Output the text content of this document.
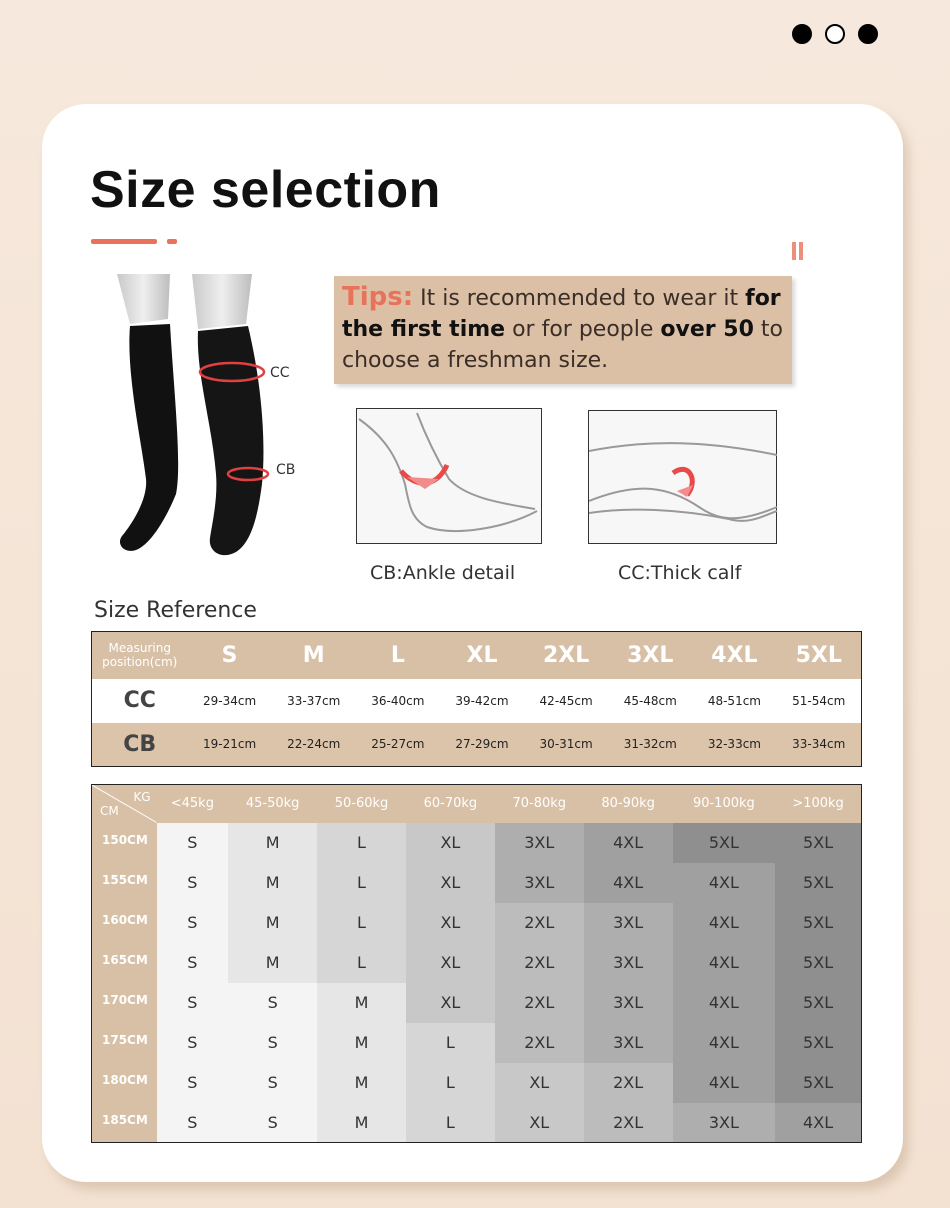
Size selection
CC
CB
Tips: It is recommended to wear it for the first time or for people over 50 to choose a freshman size.
CB:Ankle detail	CC:Thick calf
Size Reference
Measuring
position(cm)	S	M	L	XL	2XL	3XL	4XL	5XL
CC	29-34cm	33-37cm	36-40cm	39-42cm	42-45cm	45-48cm	48-51cm	51-54cm
CB	19-21cm	22-24cm	25-27cm	27-29cm	30-31cm	31-32cm	32-33cm	33-34cm
KG
CM	<45kg	45-50kg	50-60kg	60-70kg	70-80kg	80-90kg	90-100kg	>100kg
150CM	S	M	L	XL	3XL	4XL	5XL	5XL
155CM	S	M	L	XL	3XL	4XL	4XL	5XL
160CM	S	M	L	XL	2XL	3XL	4XL	5XL
165CM	S	M	L	XL	2XL	3XL	4XL	5XL
170CM	S	S	M	XL	2XL	3XL	4XL	5XL
175CM	S	S	M	L	2XL	3XL	4XL	5XL
180CM	S	S	M	L	XL	2XL	4XL	5XL
185CM	S	S	M	L	XL	2XL	3XL	4XL
